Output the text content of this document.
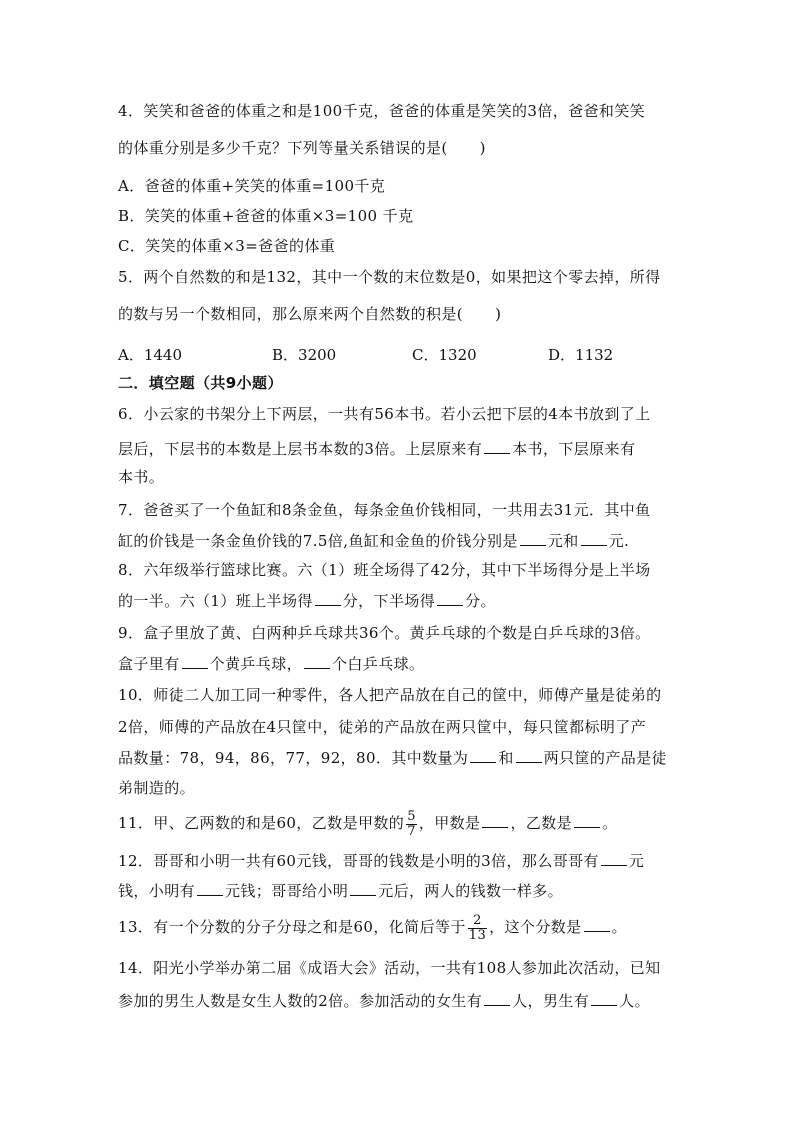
4．笑笑和爸爸的体重之和是100千克，爸爸的体重是笑笑的3倍，爸爸和笑笑
的体重分别是多少千克？下列等量关系错误的是( )
A．爸爸的体重+笑笑的体重=100千克
B．笑笑的体重+爸爸的体重×3=100 千克
C．笑笑的体重×3=爸爸的体重
5．两个自然数的和是132，其中一个数的末位数是0，如果把这个零去掉，所得
的数与另一个数相同，那么原来两个自然数的积是( )
A．1440	B．3200	C．1320	D．1132
二．填空题（共9小题）
6．小云家的书架分上下两层，一共有56本书。若小云把下层的4本书放到了上
层后，下层书的本数是上层书本数的3倍。上层原来有 本书，下层原来有
本书。
7．爸爸买了一个鱼缸和8条金鱼，每条金鱼价钱相同，一共用去31元．其中鱼
缸的价钱是一条金鱼价钱的7.5倍,鱼缸和金鱼的价钱分别是 元和 元.
8．六年级举行篮球比赛。六（1）班全场得了42分，其中下半场得分是上半场
的一半。六（1）班上半场得 分，下半场得 分。
9．盒子里放了黄、白两种乒乓球共36个。黄乒乓球的个数是白乒乓球的3倍。
盒子里有 个黄乒乓球， 个白乒乓球。
10．师徒二人加工同一种零件，各人把产品放在自己的筐中，师傅产量是徒弟的
2倍，师傅的产品放在4只筐中，徒弟的产品放在两只筐中，每只筐都标明了产
品数量：78，94，86，77，92，80．其中数量为 和 两只筐的产品是徒
弟制造的。
11．甲、乙两数的和是60，乙数是甲数的 $\frac{5}{7}$ ，甲数是 ，乙数是 。
12．哥哥和小明一共有60元钱，哥哥的钱数是小明的3倍，那么哥哥有 元
钱，小明有 元钱；哥哥给小明 元后，两人的钱数一样多。
13．有一个分数的分子分母之和是60，化简后等于 $\frac{2}{13}$ ，这个分数是 。
14．阳光小学举办第二届《成语大会》活动，一共有108人参加此次活动，已知
参加的男生人数是女生人数的2倍。参加活动的女生有 人，男生有 人。
